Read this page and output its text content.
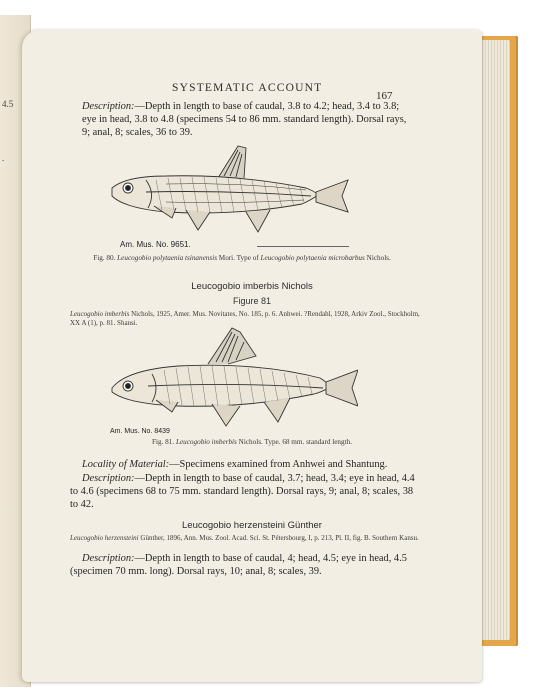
4.5
.
SYSTEMATIC ACCOUNT
167

Description:—Depth in length to base of caudal, 3.8 to 4.2; head, 3.4 to 3.8; eye in head, 3.8 to 4.8 (specimens 54 to 86 mm. standard length). Dorsal rays, 9; anal, 8; scales, 36 to 39.

Am. Mus. No. 9651.

Fig. 80. Leucogobio polytaenia tsinanensis Mori. Type of Leucogobio polytaenia microbarbus Nichols.

Leucogobio imberbis Nichols
Figure 81

Leucogobio imberbis Nichols, 1925, Amer. Mus. Novitates, No. 185, p. 6. Anhwei. ?Rendahl, 1928, Arkiv Zool., Stockholm, XX A (1), p. 81. Shansi.

Am. Mus. No. 8439

Fig. 81. Leucogobio imberbis Nichols. Type. 68 mm. standard length.

Locality of Material:—Specimens examined from Anhwei and Shantung.

Description:—Depth in length to base of caudal, 3.7; head, 3.4; eye in head, 4.4 to 4.6 (specimens 68 to 75 mm. standard length). Dorsal rays, 9; anal, 8; scales, 38 to 42.

Leucogobio herzensteini Günther

Leucogobio herzensteini Günther, 1896, Ann. Mus. Zool. Acad. Sci. St. Pétersbourg, I, p. 213, Pl. II, fig. B. Southern Kansu.

Description:—Depth in length to base of caudal, 4; head, 4.5; eye in head, 4.5 (specimen 70 mm. long). Dorsal rays, 10; anal, 8; scales, 39.
